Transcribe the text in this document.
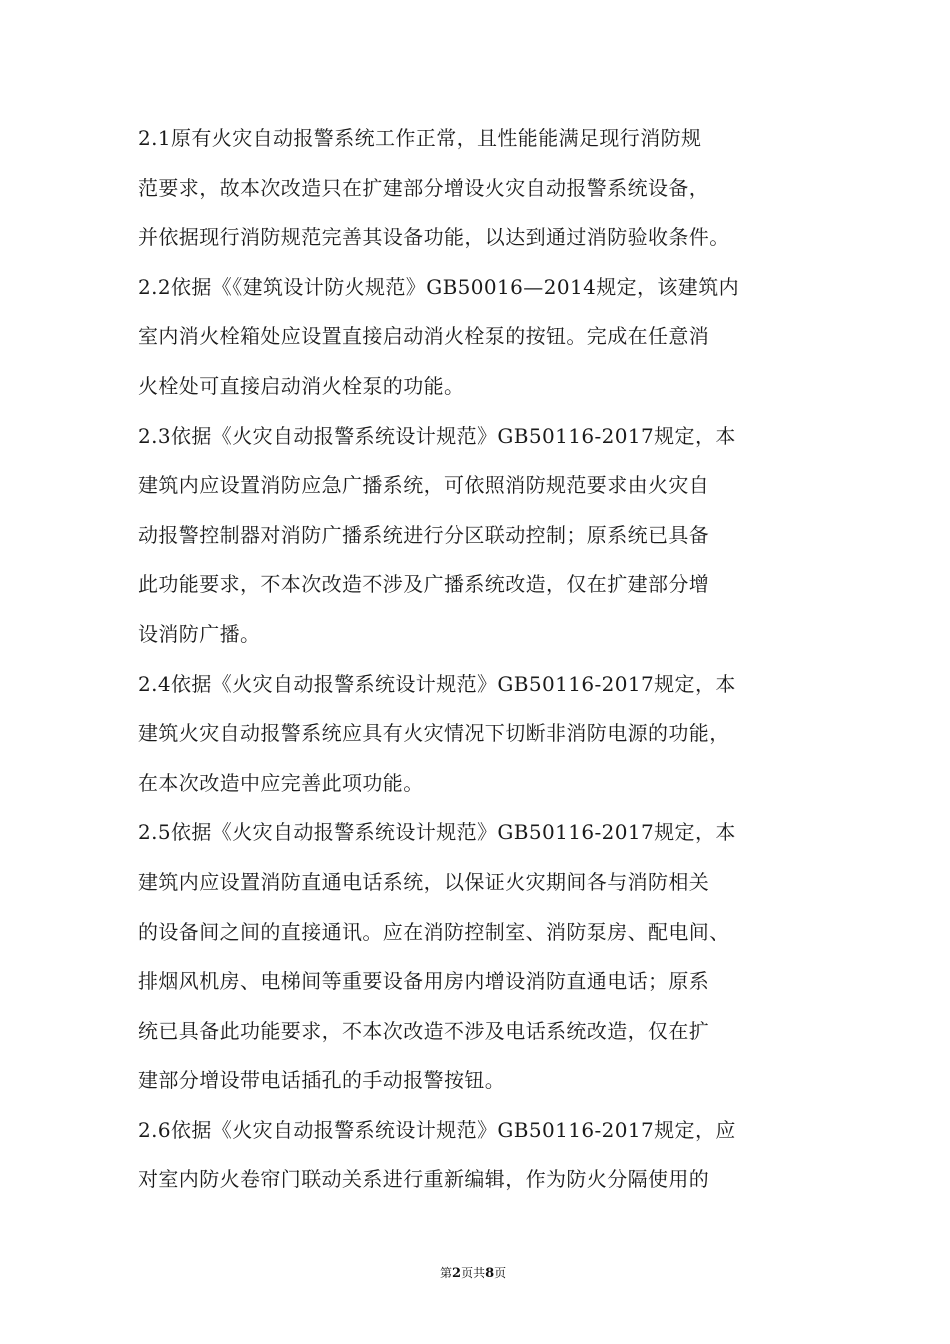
2.1原有火灾自动报警系统工作正常，且性能能满足现行消防规
范要求，故本次改造只在扩建部分增设火灾自动报警系统设备，
并依据现行消防规范完善其设备功能，以达到通过消防验收条件。
2.2依据《《建筑设计防火规范》GB50016—2014规定，该建筑内
室内消火栓箱处应设置直接启动消火栓泵的按钮。完成在任意消
火栓处可直接启动消火栓泵的功能。
2.3依据《火灾自动报警系统设计规范》GB50116-2017规定，本
建筑内应设置消防应急广播系统，可依照消防规范要求由火灾自
动报警控制器对消防广播系统进行分区联动控制；原系统已具备
此功能要求，不本次改造不涉及广播系统改造，仅在扩建部分增
设消防广播。
2.4依据《火灾自动报警系统设计规范》GB50116-2017规定，本
建筑火灾自动报警系统应具有火灾情况下切断非消防电源的功能，
在本次改造中应完善此项功能。
2.5依据《火灾自动报警系统设计规范》GB50116-2017规定，本
建筑内应设置消防直通电话系统，以保证火灾期间各与消防相关
的设备间之间的直接通讯。应在消防控制室、消防泵房、配电间、
排烟风机房、电梯间等重要设备用房内增设消防直通电话；原系
统已具备此功能要求，不本次改造不涉及电话系统改造，仅在扩
建部分增设带电话插孔的手动报警按钮。
2.6依据《火灾自动报警系统设计规范》GB50116-2017规定，应
对室内防火卷帘门联动关系进行重新编辑，作为防火分隔使用的
第2页共8页
